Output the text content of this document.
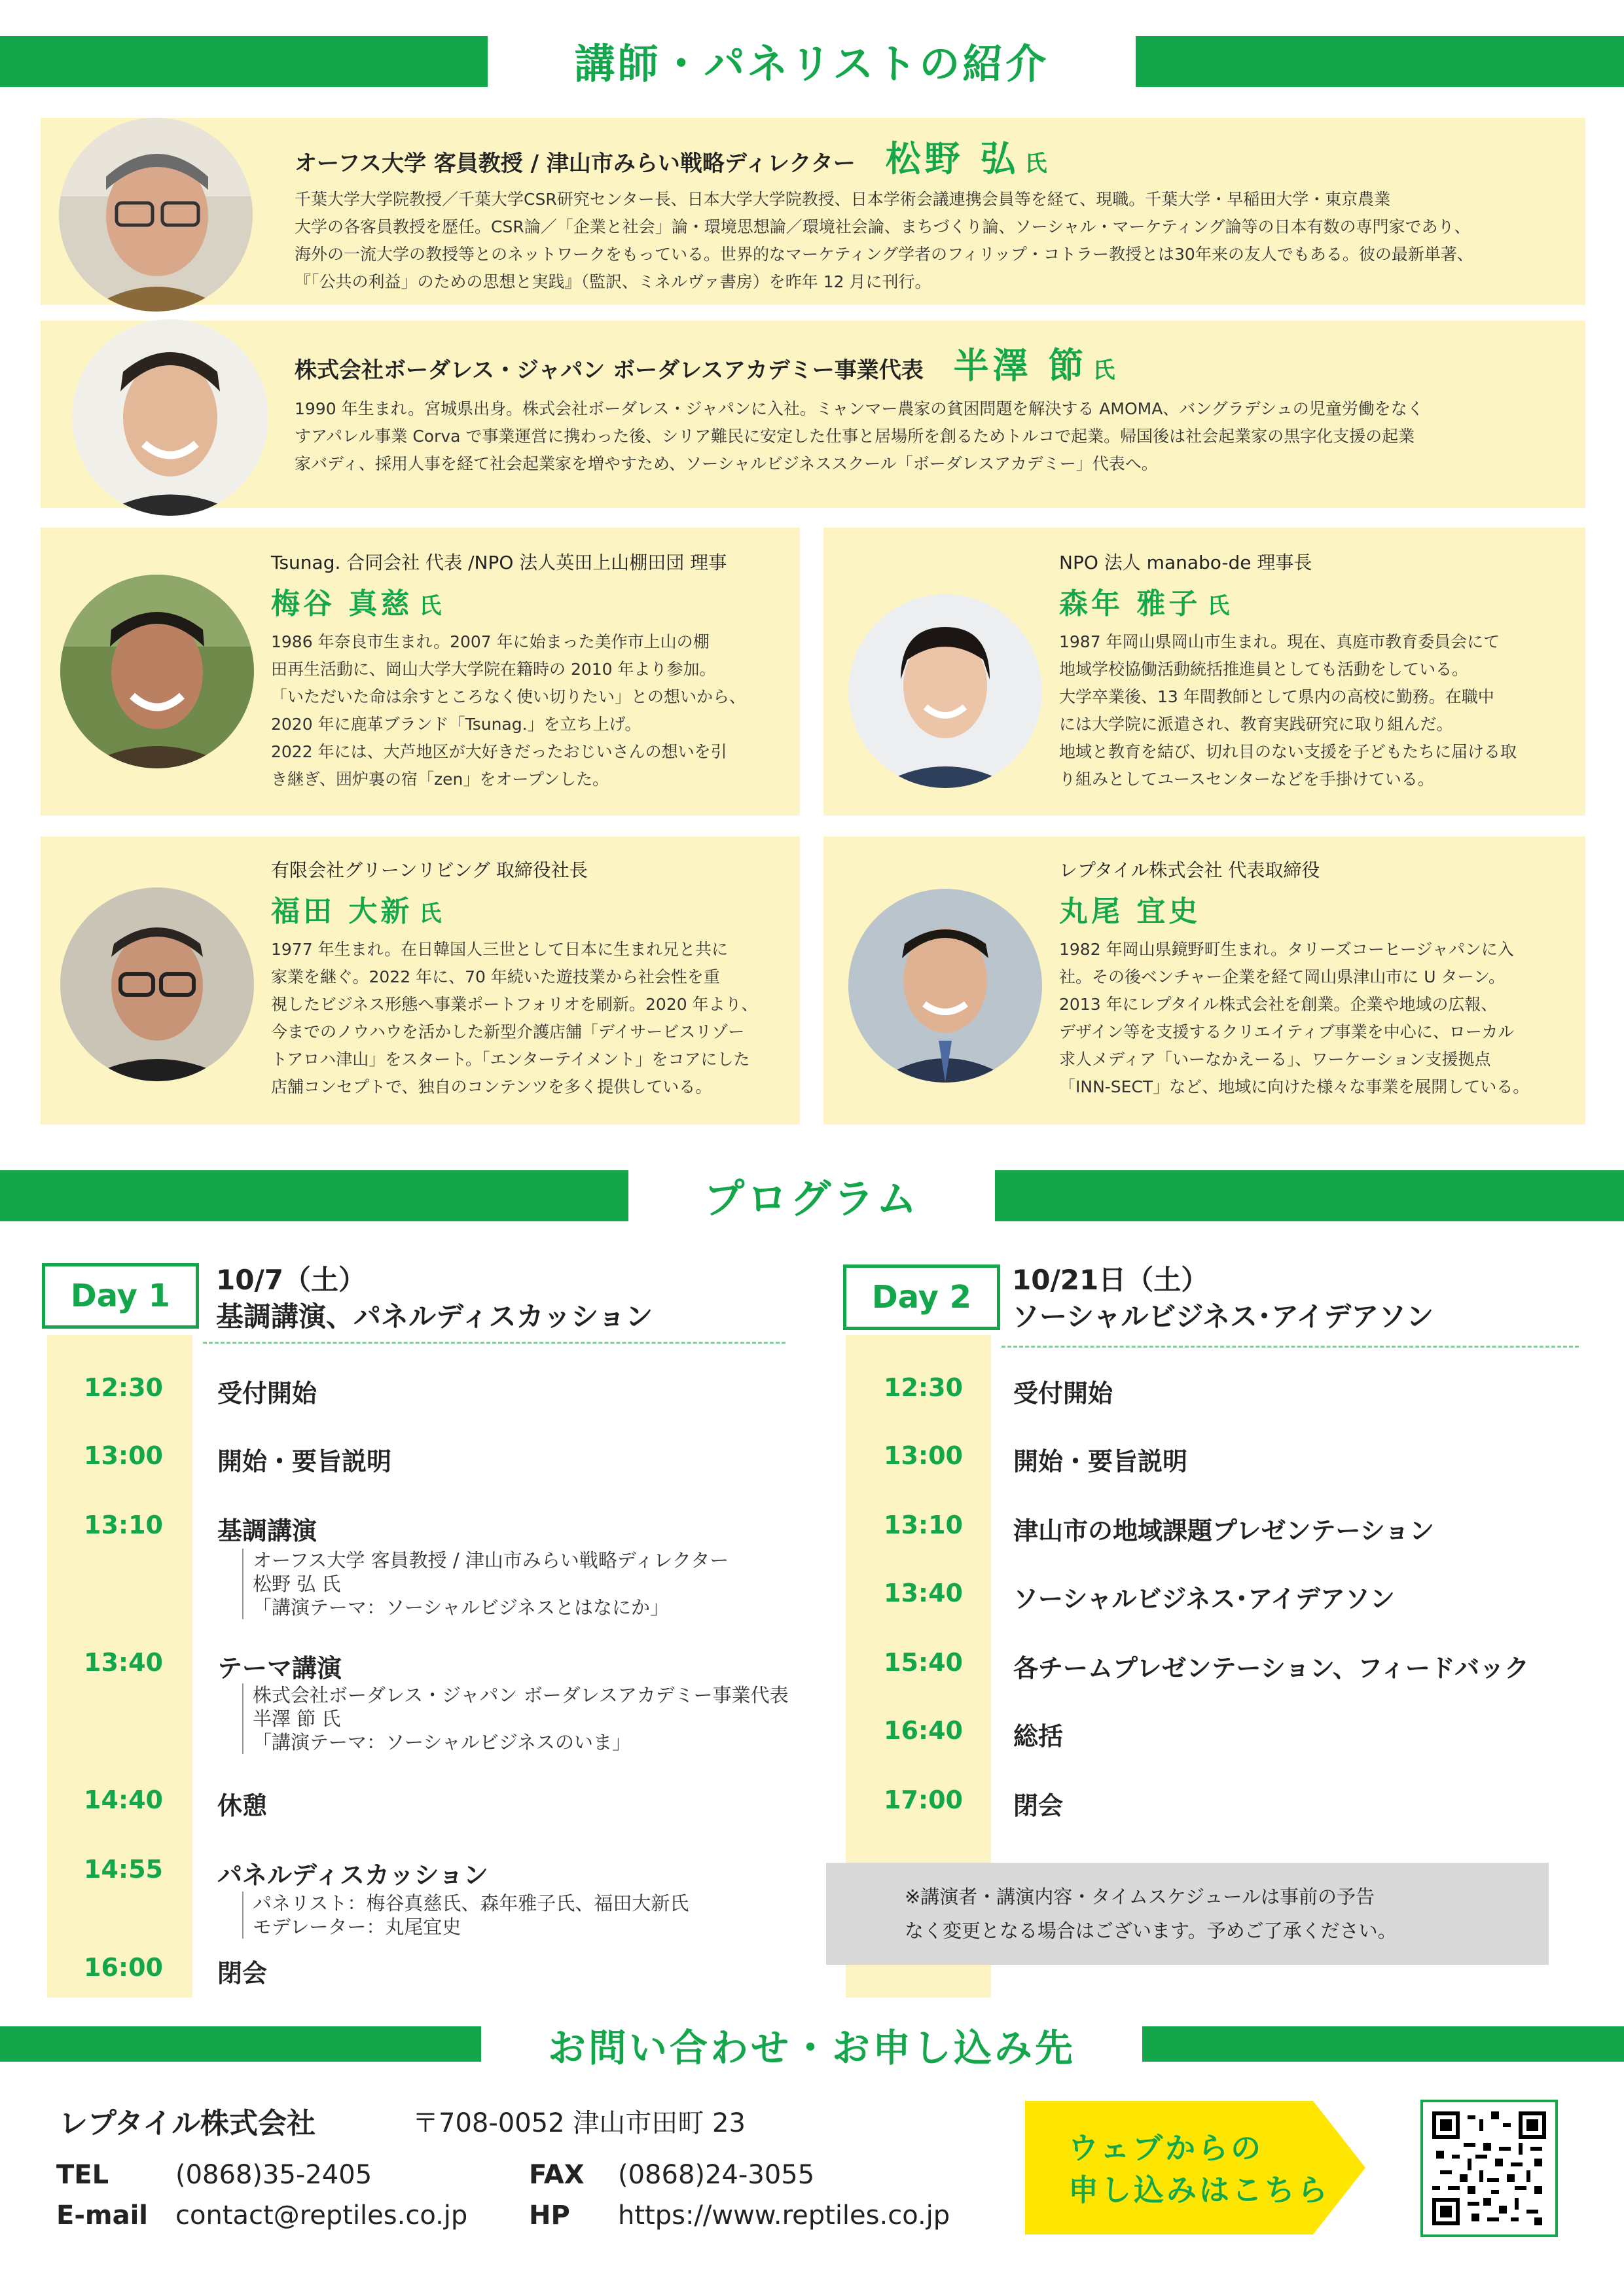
講師・パネリストの紹介
オーフス大学 客員教授 / 津山市みらい戦略ディレクター 松野 弘 氏
千葉大学大学院教授／千葉大学CSR研究センター長、日本大学大学院教授、日本学術会議連携会員等を経て、現職。千葉大学・早稲田大学・東京農業
大学の各客員教授を歴任。CSR論／「企業と社会」論・環境思想論／環境社会論、まちづくり論、ソーシャル・マーケティング論等の日本有数の専門家であり、
海外の一流大学の教授等とのネットワークをもっている。世界的なマーケティング学者のフィリップ・コトラー教授とは30年来の友人でもある。彼の最新単著、
『「公共の利益」のための思想と実践』（監訳、ミネルヴァ書房）を昨年 12 月に刊行。
株式会社ボーダレス・ジャパン ボーダレスアカデミー事業代表 半澤 節 氏
1990 年生まれ。宮城県出身。株式会社ボーダレス・ジャパンに入社。ミャンマー農家の貧困問題を解決する AMOMA、バングラデシュの児童労働をなく
すアパレル事業 Corva で事業運営に携わった後、シリア難民に安定した仕事と居場所を創るためトルコで起業。帰国後は社会起業家の黒字化支援の起業
家バディ、採用人事を経て社会起業家を増やすため、ソーシャルビジネススクール「ボーダレスアカデミー」代表へ。
Tsunag. 合同会社 代表 /NPO 法人英田上山棚田団 理事
梅谷 真慈 氏
1986 年奈良市生まれ。2007 年に始まった美作市上山の棚
田再生活動に、岡山大学大学院在籍時の 2010 年より参加。
「いただいた命は余すところなく使い切りたい」との想いから、
2020 年に鹿革ブランド「Tsunag.」を立ち上げ。
2022 年には、大芦地区が大好きだったおじいさんの想いを引
き継ぎ、囲炉裏の宿「zen」をオープンした。
NPO 法人 manabo-de 理事長
森年 雅子 氏
1987 年岡山県岡山市生まれ。現在、真庭市教育委員会にて
地域学校協働活動統括推進員としても活動をしている。
大学卒業後、13 年間教師として県内の高校に勤務。在職中
には大学院に派遣され、教育実践研究に取り組んだ。
地域と教育を結び、切れ目のない支援を子どもたちに届ける取
り組みとしてユースセンターなどを手掛けている。
有限会社グリーンリビング 取締役社長
福田 大新 氏
1977 年生まれ。在日韓国人三世として日本に生まれ兄と共に
家業を継ぐ。2022 年に、70 年続いた遊技業から社会性を重
視したビジネス形態へ事業ポートフォリオを刷新。2020 年より、
今までのノウハウを活かした新型介護店舗「デイサービスリゾー
トアロハ津山」をスタート。「エンターテイメント」をコアにした
店舗コンセプトで、独自のコンテンツを多く提供している。
レプタイル株式会社 代表取締役
丸尾 宜史
1982 年岡山県鏡野町生まれ。タリーズコーヒージャパンに入
社。その後ベンチャー企業を経て岡山県津山市に U ターン。
2013 年にレプタイル株式会社を創業。企業や地域の広報、
デザイン等を支援するクリエイティブ事業を中心に、ローカル
求人メディア「いーなかえーる」、ワーケーション支援拠点
「INN-SECT」など、地域に向けた様々な事業を展開している。
プログラム
Day 1	10/7（土）
基調講演、パネルディスカッション
12:30 受付開始
13:00 開始・要旨説明
13:10 基調講演
オーフス大学 客員教授 / 津山市みらい戦略ディレクター
松野 弘 氏
「講演テーマ：ソーシャルビジネスとはなにか」
13:40 テーマ講演
株式会社ボーダレス・ジャパン ボーダレスアカデミー事業代表
半澤 節 氏
「講演テーマ：ソーシャルビジネスのいま」
14:40 休憩
14:55 パネルディスカッション
パネリスト：梅谷真慈氏、森年雅子氏、福田大新氏
モデレーター：丸尾宜史
16:00 閉会
Day 2	10/21日（土）
ソーシャルビジネス･アイデアソン
12:30 受付開始
13:00 開始・要旨説明
13:10 津山市の地域課題プレゼンテーション
13:40 ソーシャルビジネス･アイデアソン
15:40 各チームプレゼンテーション、フィードバック
16:40 総括
17:00 閉会
※講演者・講演内容・タイムスケジュールは事前の予告
なく変更となる場合はございます。予めご了承ください。
お問い合わせ・お申し込み先
レプタイル株式会社	〒708-0052 津山市田町 23
TEL	(0868)35-2405	FAX (0868)24-3055
E-mail contact@reptiles.co.jp HP https://www.reptiles.co.jp
ウェブからの
申し込みはこちら
